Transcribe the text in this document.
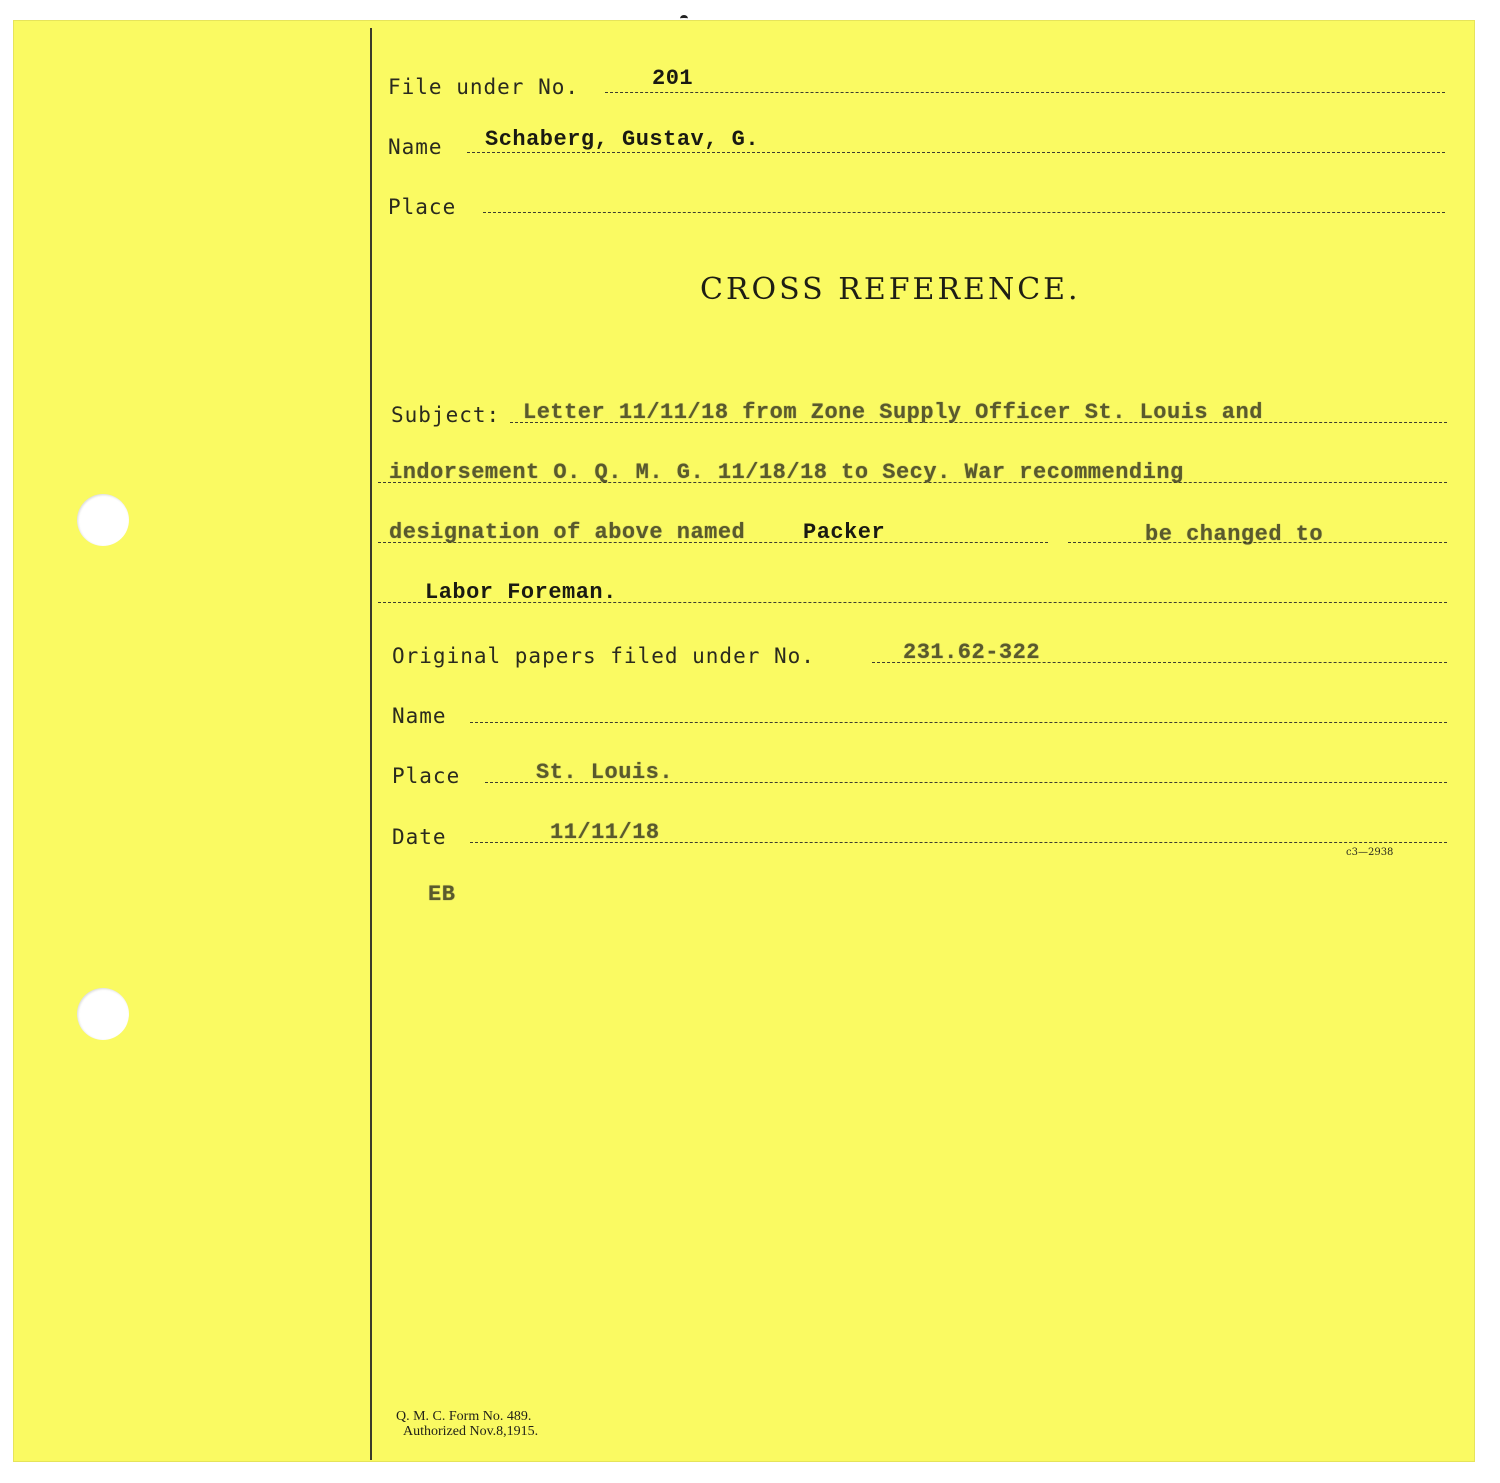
File under No.	201
Name Schaberg, Gustav, G.
Place
CROSS REFERENCE.
Subject: Letter 11/11/18 from Zone Supply Officer St. Louis and
indorsement O. Q. M. G. 11/18/18 to Secy. War recommending
designation of above named	Packer	be changed to
Labor Foreman.
Original papers filed under No.	231.62-322
Name
Place	St. Louis.
Date	11/11/18
c3—2938
EB
Q. M. C. Form No. 489.
Authorized Nov.8,1915.
